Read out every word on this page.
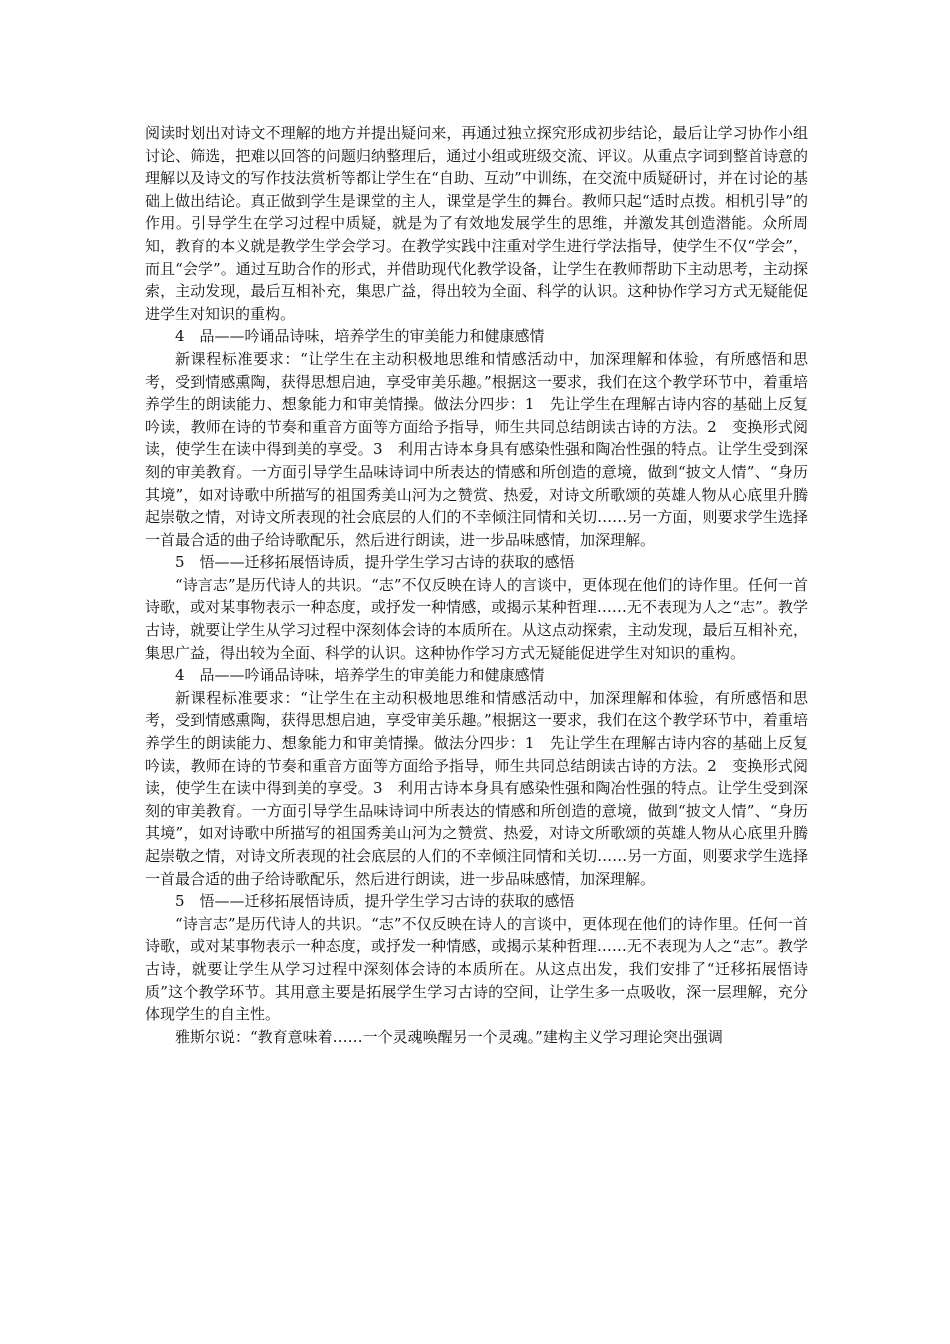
阅读时划出对诗文不理解的地方并提出疑问来，再通过独立探究形成初步结论，最后让学习协作小组讨论、筛选，把难以回答的问题归纳整理后，通过小组或班级交流、评议。从重点字词到整首诗意的理解以及诗文的写作技法赏析等都让学生在“自助、互动”中训练，在交流中质疑研讨，并在讨论的基础上做出结论。真正做到学生是课堂的主人，课堂是学生的舞台。教师只起“适时点拨。相机引导”的作用。引导学生在学习过程中质疑，就是为了有效地发展学生的思维，并激发其创造潜能。众所周知，教育的本义就是教学生学会学习。在教学实践中注重对学生进行学法指导，使学生不仅“学会”，而且“会学”。通过互助合作的形式，并借助现代化教学设备，让学生在教师帮助下主动思考，主动探索，主动发现，最后互相补充，集思广益，得出较为全面、科学的认识。这种协作学习方式无疑能促进学生对知识的重构。

4　品——吟诵品诗味，培养学生的审美能力和健康感情

新课程标准要求：“让学生在主动积极地思维和情感活动中，加深理解和体验，有所感悟和思考，受到情感熏陶，获得思想启迪，享受审美乐趣。”根据这一要求，我们在这个教学环节中，着重培养学生的朗读能力、想象能力和审美情操。做法分四步：1　先让学生在理解古诗内容的基础上反复吟读，教师在诗的节奏和重音方面等方面给予指导，师生共同总结朗读古诗的方法。2　变换形式阅读，使学生在读中得到美的享受。3　利用古诗本身具有感染性强和陶冶性强的特点。让学生受到深刻的审美教育。一方面引导学生品味诗词中所表达的情感和所创造的意境，做到“披文人情”、“身历其境”，如对诗歌中所描写的祖国秀美山河为之赞赏、热爱，对诗文所歌颂的英雄人物从心底里升腾起崇敬之情，对诗文所表现的社会底层的人们的不幸倾注同情和关切……另一方面，则要求学生选择一首最合适的曲子给诗歌配乐，然后进行朗读，进一步品味感情，加深理解。

5　悟——迁移拓展悟诗质，提升学生学习古诗的获取的感悟

“诗言志”是历代诗人的共识。“志”不仅反映在诗人的言谈中，更体现在他们的诗作里。任何一首诗歌，或对某事物表示一种态度，或抒发一种情感，或揭示某种哲理……无不表现为人之“志”。教学古诗，就要让学生从学习过程中深刻体会诗的本质所在。从这点动探索，主动发现，最后互相补充，集思广益，得出较为全面、科学的认识。这种协作学习方式无疑能促进学生对知识的重构。

4　品——吟诵品诗味，培养学生的审美能力和健康感情

新课程标准要求：“让学生在主动积极地思维和情感活动中，加深理解和体验，有所感悟和思考，受到情感熏陶，获得思想启迪，享受审美乐趣。”根据这一要求，我们在这个教学环节中，着重培养学生的朗读能力、想象能力和审美情操。做法分四步：1　先让学生在理解古诗内容的基础上反复吟读，教师在诗的节奏和重音方面等方面给予指导，师生共同总结朗读古诗的方法。2　变换形式阅读，使学生在读中得到美的享受。3　利用古诗本身具有感染性强和陶冶性强的特点。让学生受到深刻的审美教育。一方面引导学生品味诗词中所表达的情感和所创造的意境，做到“披文人情”、“身历其境”，如对诗歌中所描写的祖国秀美山河为之赞赏、热爱，对诗文所歌颂的英雄人物从心底里升腾起崇敬之情，对诗文所表现的社会底层的人们的不幸倾注同情和关切……另一方面，则要求学生选择一首最合适的曲子给诗歌配乐，然后进行朗读，进一步品味感情，加深理解。

5　悟——迁移拓展悟诗质，提升学生学习古诗的获取的感悟

“诗言志”是历代诗人的共识。“志”不仅反映在诗人的言谈中，更体现在他们的诗作里。任何一首诗歌，或对某事物表示一种态度，或抒发一种情感，或揭示某种哲理……无不表现为人之“志”。教学古诗，就要让学生从学习过程中深刻体会诗的本质所在。从这点出发，我们安排了“迁移拓展悟诗质”这个教学环节。其用意主要是拓展学生学习古诗的空间，让学生多一点吸收，深一层理解，充分体现学生的自主性。

雅斯尔说：“教育意味着……一个灵魂唤醒另一个灵魂。”建构主义学习理论突出强调
